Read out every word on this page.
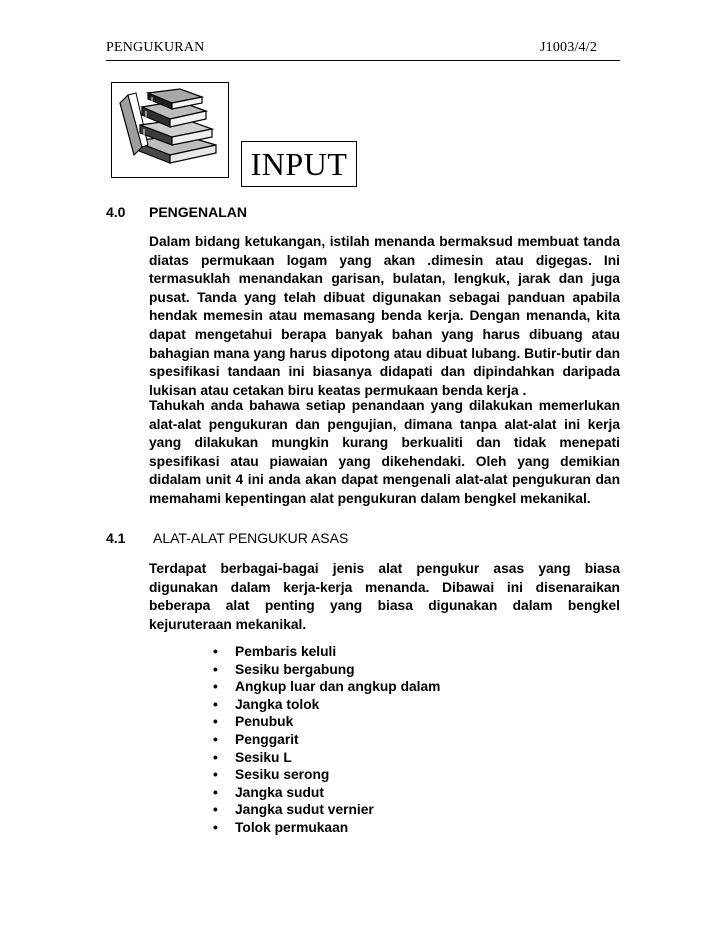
PENGUKURAN	J1003/4/2
INPUT
4.0 PENGENALAN

Dalam bidang ketukangan, istilah menanda bermaksud membuat tanda diatas permukaan logam yang akan .dimesin atau digegas. Ini termasuklah menandakan garisan, bulatan, lengkuk, jarak dan juga pusat. Tanda yang telah dibuat digunakan sebagai panduan apabila hendak memesin atau memasang benda kerja. Dengan menanda, kita dapat mengetahui berapa banyak bahan yang harus dibuang atau bahagian mana yang harus dipotong atau dibuat lubang. Butir-butir dan spesifikasi tandaan ini biasanya didapati dan dipindahkan daripada lukisan atau cetakan biru keatas permukaan benda kerja .

Tahukah anda bahawa setiap penandaan yang dilakukan memerlukan alat-alat pengukuran dan pengujian, dimana tanpa alat-alat ini kerja yang dilakukan mungkin kurang berkualiti dan tidak menepati spesifikasi atau piawaian yang dikehendaki. Oleh yang demikian didalam unit 4 ini anda akan dapat mengenali alat-alat pengukuran dan memahami kepentingan alat pengukuran dalam bengkel mekanikal.

4.1 ALAT-ALAT PENGUKUR ASAS

Terdapat berbagai-bagai jenis alat pengukur asas yang biasa digunakan dalam kerja-kerja menanda. Dibawai ini disenaraikan beberapa alat penting yang biasa digunakan dalam bengkel kejuruteraan mekanikal.

• Pembaris keluli
• Sesiku bergabung
• Angkup luar dan angkup dalam
• Jangka tolok
• Penubuk
• Penggarit
• Sesiku L
• Sesiku serong
• Jangka sudut
• Jangka sudut vernier
• Tolok permukaan
